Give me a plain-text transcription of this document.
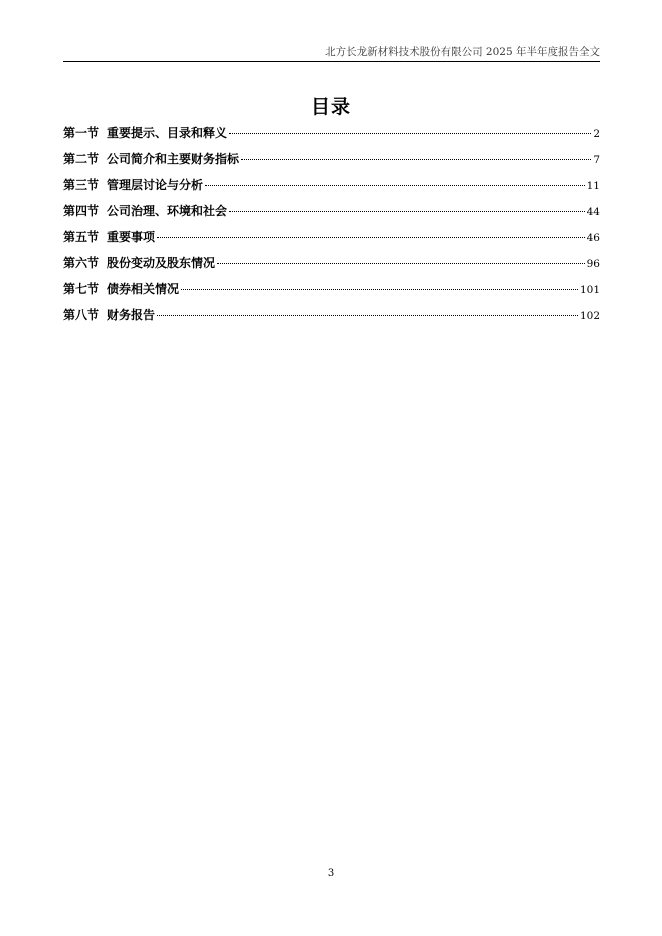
北方长龙新材料技术股份有限公司 2025 年半年度报告全文
目录
第一节 重要提示、目录和释义	2
第二节 公司简介和主要财务指标	7
第三节 管理层讨论与分析	11
第四节 公司治理、环境和社会	44
第五节 重要事项	46
第六节 股份变动及股东情况	96
第七节 债券相关情况	101
第八节 财务报告	102
3
